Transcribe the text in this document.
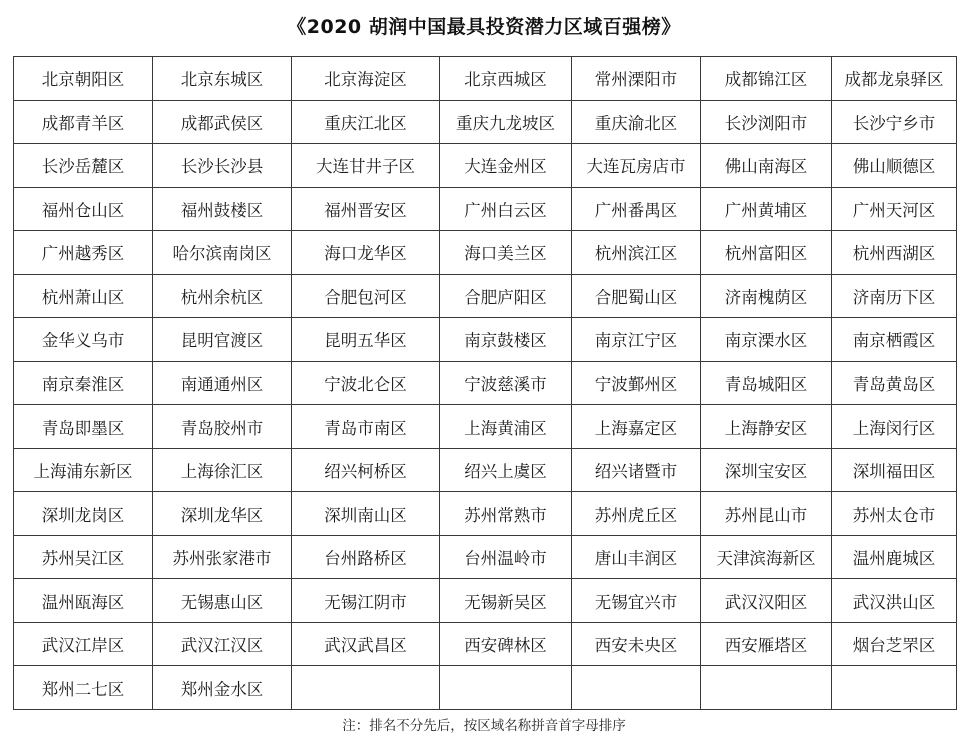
《2020 胡润中国最具投资潜力区域百强榜》
北京朝阳区	北京东城区	北京海淀区	北京西城区	常州溧阳市	成都锦江区	成都龙泉驿区
成都青羊区	成都武侯区	重庆江北区	重庆九龙坡区	重庆渝北区	长沙浏阳市	长沙宁乡市
长沙岳麓区	长沙长沙县	大连甘井子区	大连金州区	大连瓦房店市	佛山南海区	佛山顺德区
福州仓山区	福州鼓楼区	福州晋安区	广州白云区	广州番禺区	广州黄埔区	广州天河区
广州越秀区	哈尔滨南岗区	海口龙华区	海口美兰区	杭州滨江区	杭州富阳区	杭州西湖区
杭州萧山区	杭州余杭区	合肥包河区	合肥庐阳区	合肥蜀山区	济南槐荫区	济南历下区
金华义乌市	昆明官渡区	昆明五华区	南京鼓楼区	南京江宁区	南京溧水区	南京栖霞区
南京秦淮区	南通通州区	宁波北仑区	宁波慈溪市	宁波鄞州区	青岛城阳区	青岛黄岛区
青岛即墨区	青岛胶州市	青岛市南区	上海黄浦区	上海嘉定区	上海静安区	上海闵行区
上海浦东新区	上海徐汇区	绍兴柯桥区	绍兴上虞区	绍兴诸暨市	深圳宝安区	深圳福田区
深圳龙岗区	深圳龙华区	深圳南山区	苏州常熟市	苏州虎丘区	苏州昆山市	苏州太仓市
苏州吴江区	苏州张家港市	台州路桥区	台州温岭市	唐山丰润区	天津滨海新区	温州鹿城区
温州瓯海区	无锡惠山区	无锡江阴市	无锡新吴区	无锡宜兴市	武汉汉阳区	武汉洪山区
武汉江岸区	武汉江汉区	武汉武昌区	西安碑林区	西安未央区	西安雁塔区	烟台芝罘区
郑州二七区	郑州金水区					
注：排名不分先后，按区域名称拼音首字母排序
